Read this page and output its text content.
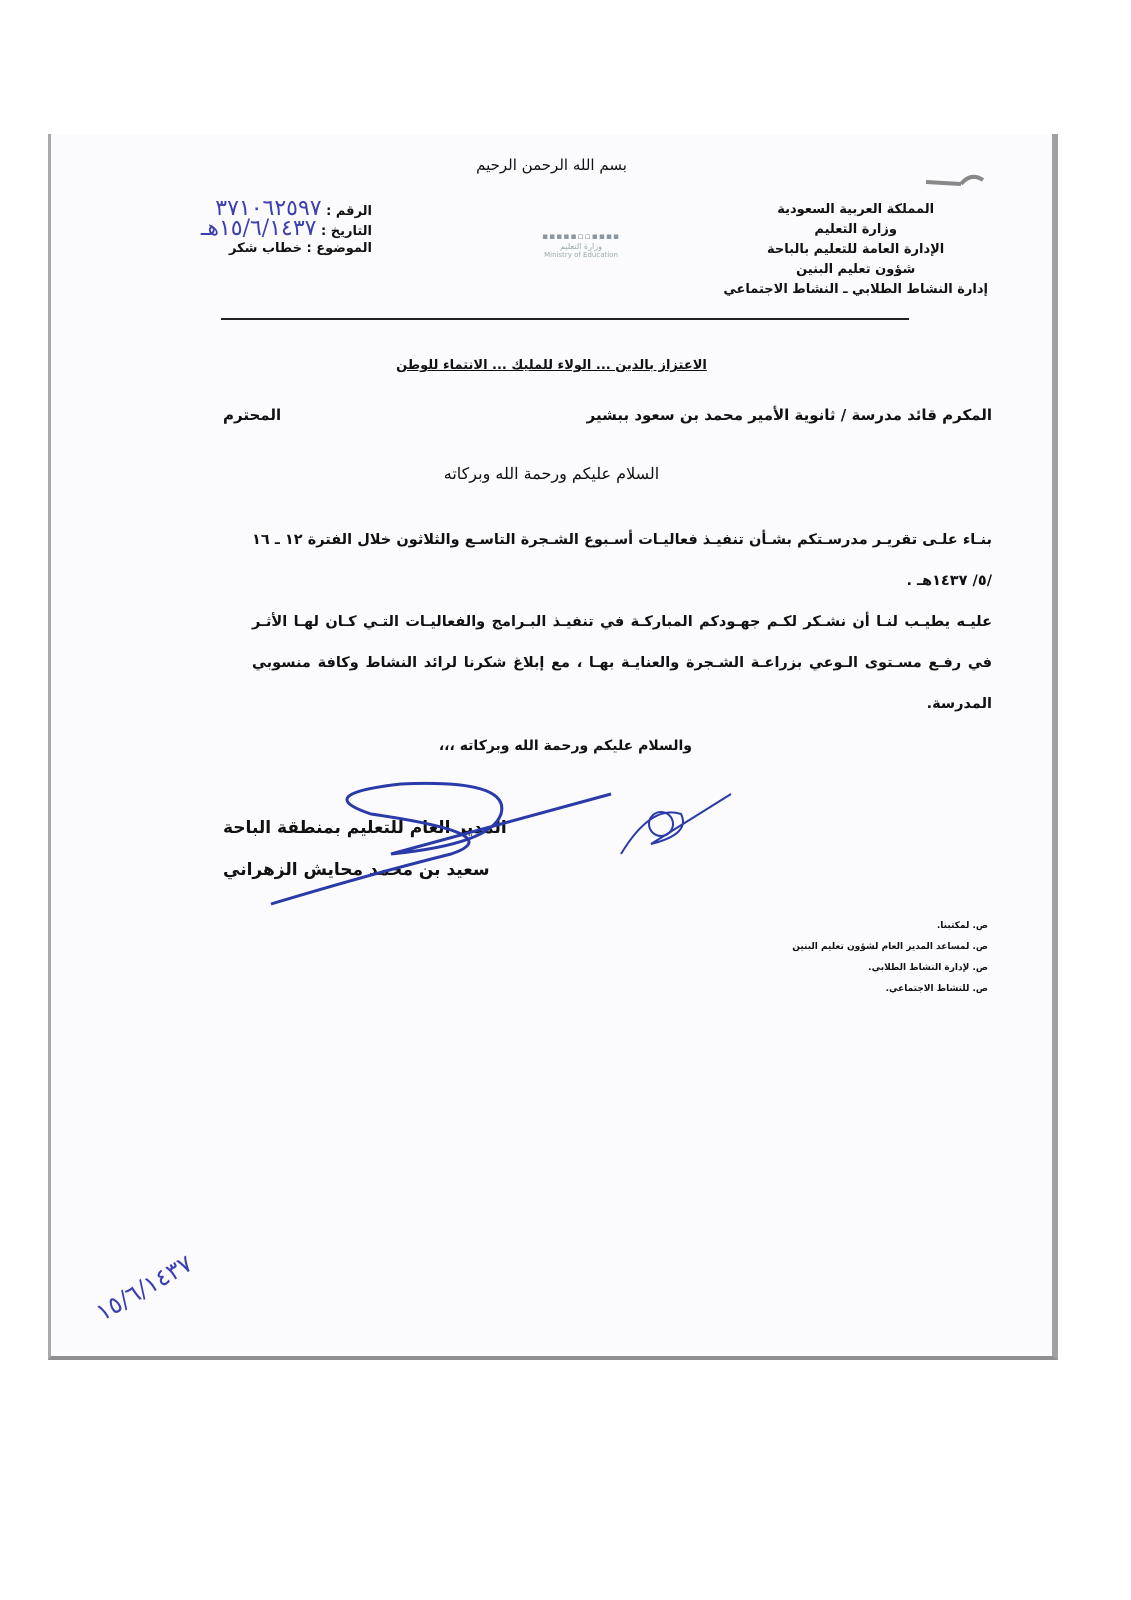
بسم الله الرحمن الرحيم
المملكة العربية السعودية
وزارة التعليم
الإدارة العامة للتعليم بالباحة
شؤون تعليم البنين
إدارة النشاط الطلابي ـ النشاط الاجتماعي
الرقم : ٣٧١٠٦٢٥٩٧
التاريخ : ١٥/٦/١٤٣٧هـ
الموضوع : خطاب شكر
▪▪▪▪▫▫▪▪▪▪▪
وزارة التعليم
Ministry of Education
الاعتزاز بالدين ... الولاء للمليك ... الانتماء للوطن
المكرم قائد مدرسة / ثانوية الأمير محمد بن سعود ببشير
المحترم
السلام عليكم ورحمة الله وبركاته
بنـاء علـى تقريـر مدرسـتكم بشـأن تنفيـذ فعاليـات أسـبوع الشـجرة التاسـع والثلاثون خلال الفترة ١٢ ـ ١٦ /٥/ ١٤٣٧هـ .
عليـه يطيـب لنـا أن نشـكر لكـم جهـودكم المباركـة في تنفيـذ البـرامج والفعاليـات التـي كـان لهـا الأثـر في رفـع مسـتوى الـوعي بزراعـة الشـجرة والعنايـة بهـا ، مع إبلاغ شكرنا لرائد النشاط وكافة منسوبي المدرسة.
والسلام عليكم ورحمة الله وبركاته ،،،
المدير العام للتعليم بمنطقة الباحة
سعيد بن محمد محايش الزهراني
ص. لمكتبنا.
ص. لمساعد المدير العام لشؤون تعليم البنين
ص. لإدارة النشاط الطلابي.
ص. للنشاط الاجتماعي.
١٥/٦/١٤٣٧
